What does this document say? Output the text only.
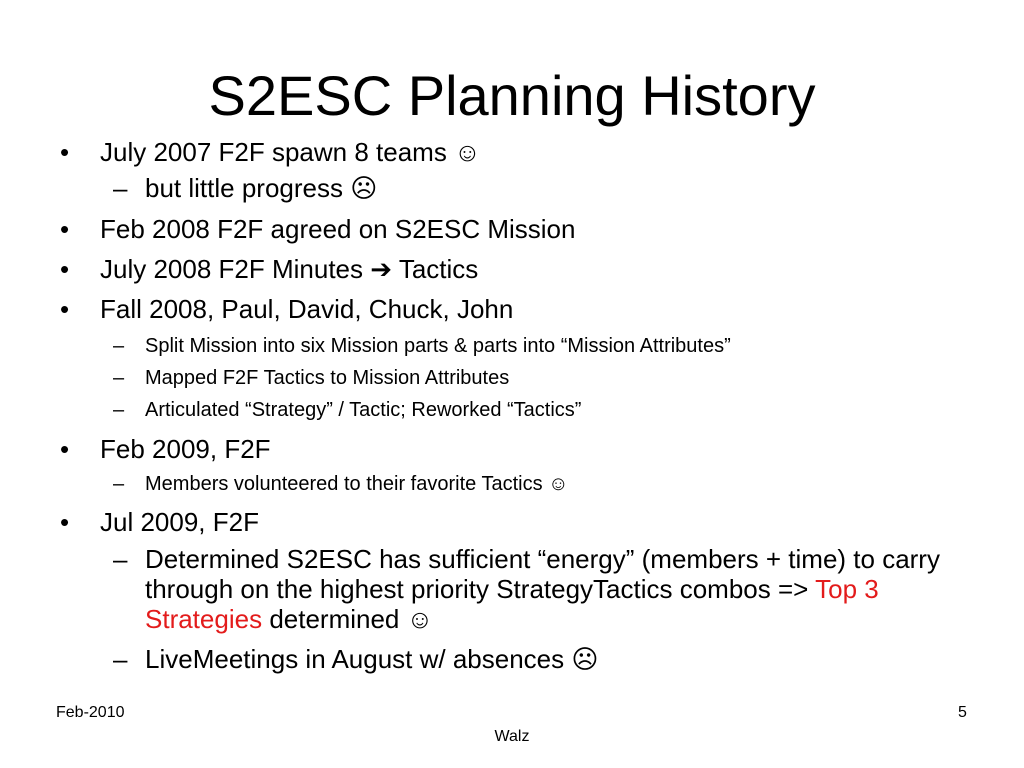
S2ESC Planning History
• July 2007 F2F spawn 8 teams ☺
– but little progress ☹
• Feb 2008 F2F agreed on S2ESC Mission
• July 2008 F2F Minutes ➔ Tactics
• Fall 2008, Paul, David, Chuck, John
– Split Mission into six Mission parts & parts into “Mission Attributes”
– Mapped F2F Tactics to Mission Attributes
– Articulated “Strategy” / Tactic; Reworked “Tactics”
• Feb 2009, F2F
– Members volunteered to their favorite Tactics ☺
• Jul 2009, F2F
– Determined S2ESC has sufficient “energy” (members + time) to carry through on the highest priority StrategyTactics combos => Top 3 Strategies determined ☺
– LiveMeetings in August w/ absences ☹
Feb-2010	5
Walz
